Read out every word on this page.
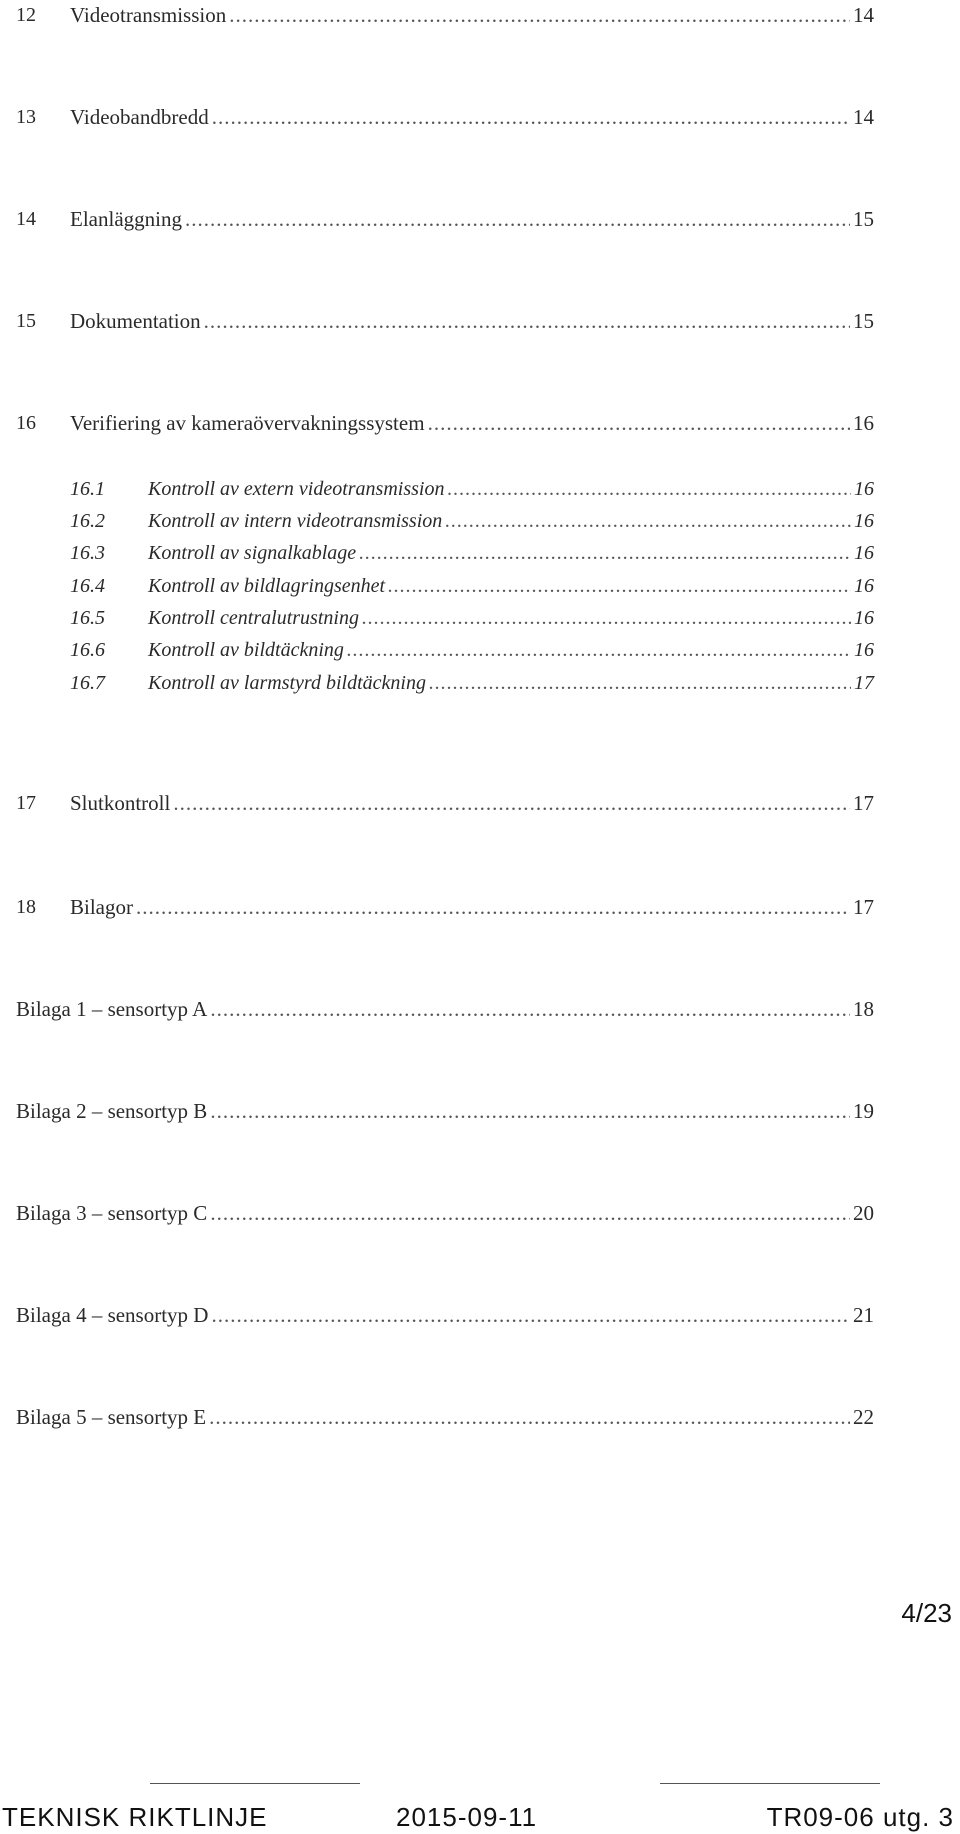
12 Videotransmission .....	14
13 Videobandbredd .....	14
14 Elanläggning .....	15
15 Dokumentation .....	15
16 Verifiering av kameraövervakningssystem .....	16
16.1 Kontroll av extern videotransmission .....	16
16.2 Kontroll av intern videotransmission .....	16
16.3 Kontroll av signalkablage .....	16
16.4 Kontroll av bildlagringsenhet .....	16
16.5 Kontroll centralutrustning .....	16
16.6 Kontroll av bildtäckning .....	16
16.7 Kontroll av larmstyrd bildtäckning .....	17
17 Slutkontroll .....	17
18 Bilagor .....	17
Bilaga 1 – sensortyp A .....	18
Bilaga 2 – sensortyp B .....	19
Bilaga 3 – sensortyp C .....	20
Bilaga 4 – sensortyp D .....	21
Bilaga 5 – sensortyp E .....	22
TEKNISK RIKTLINJE	2015-09-11	TR09-06 utg. 3
4/23
